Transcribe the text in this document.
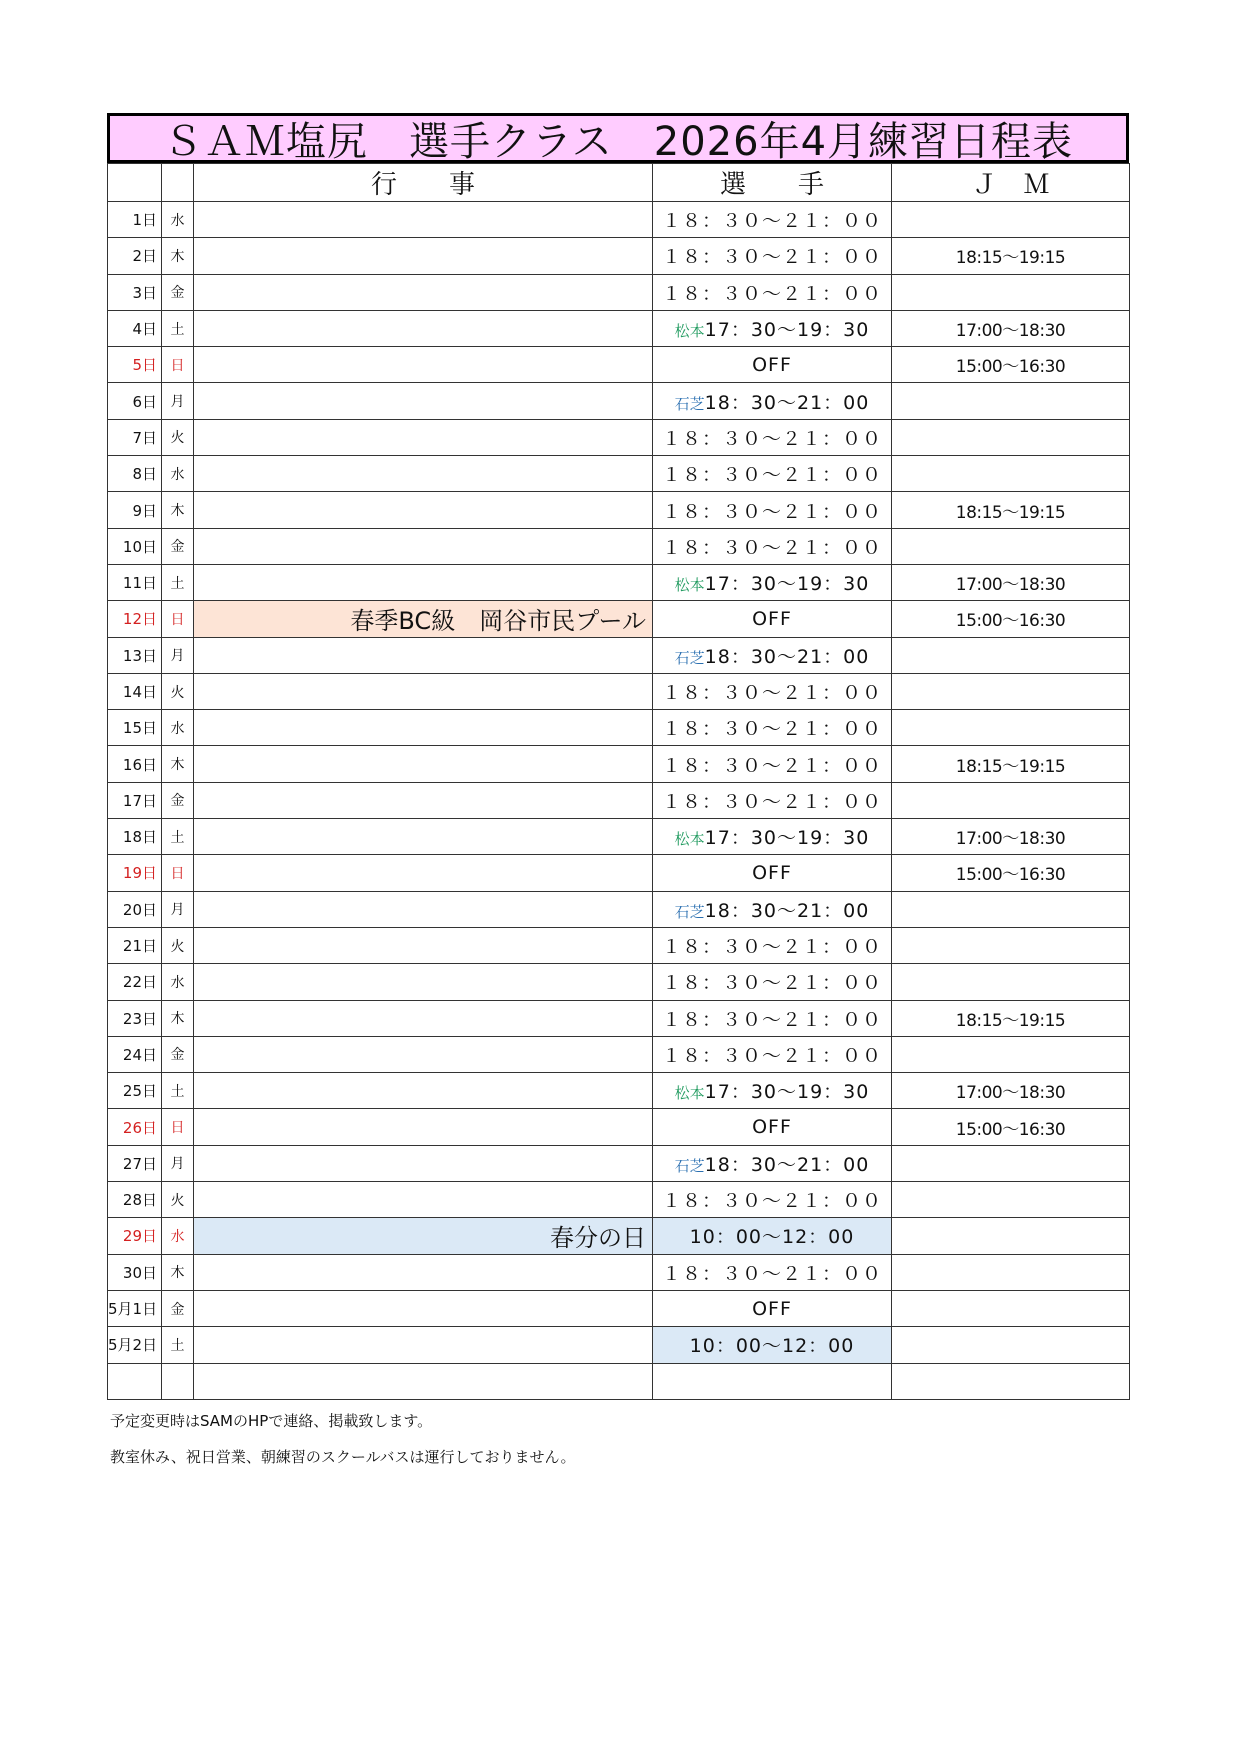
ＳＡＭ塩尻　選手クラス　2026年4月練習日程表
		行　　事	選　　手	Ｊ　Ｍ
1日	水		１８：３０～２１：００	
2日	木		１８：３０～２１：００	18:15～19:15
3日	金		１８：３０～２１：００	
4日	土		松本17：30～19：30	17:00～18:30
5日	日		OFF	15:00～16:30
6日	月		石芝18：30～21：00	
7日	火		１８：３０～２１：００	
8日	水		１８：３０～２１：００	
9日	木		１８：３０～２１：００	18:15～19:15
10日	金		１８：３０～２１：００	
11日	土		松本17：30～19：30	17:00～18:30
12日	日	春季BC級　岡谷市民プール	OFF	15:00～16:30
13日	月		石芝18：30～21：00	
14日	火		１８：３０～２１：００	
15日	水		１８：３０～２１：００	
16日	木		１８：３０～２１：００	18:15～19:15
17日	金		１８：３０～２１：００	
18日	土		松本17：30～19：30	17:00～18:30
19日	日		OFF	15:00～16:30
20日	月		石芝18：30～21：00	
21日	火		１８：３０～２１：００	
22日	水		１８：３０～２１：００	
23日	木		１８：３０～２１：００	18:15～19:15
24日	金		１８：３０～２１：００	
25日	土		松本17：30～19：30	17:00～18:30
26日	日		OFF	15:00～16:30
27日	月		石芝18：30～21：00	
28日	火		１８：３０～２１：００	
29日	水	春分の日	10：00～12：00	
30日	木		１８：３０～２１：００	
5月1日	金		OFF	
5月2日	土		10：00～12：00	

予定変更時はSAMのHPで連絡、掲載致します。
教室休み、祝日営業、朝練習のスクールバスは運行しておりません。
